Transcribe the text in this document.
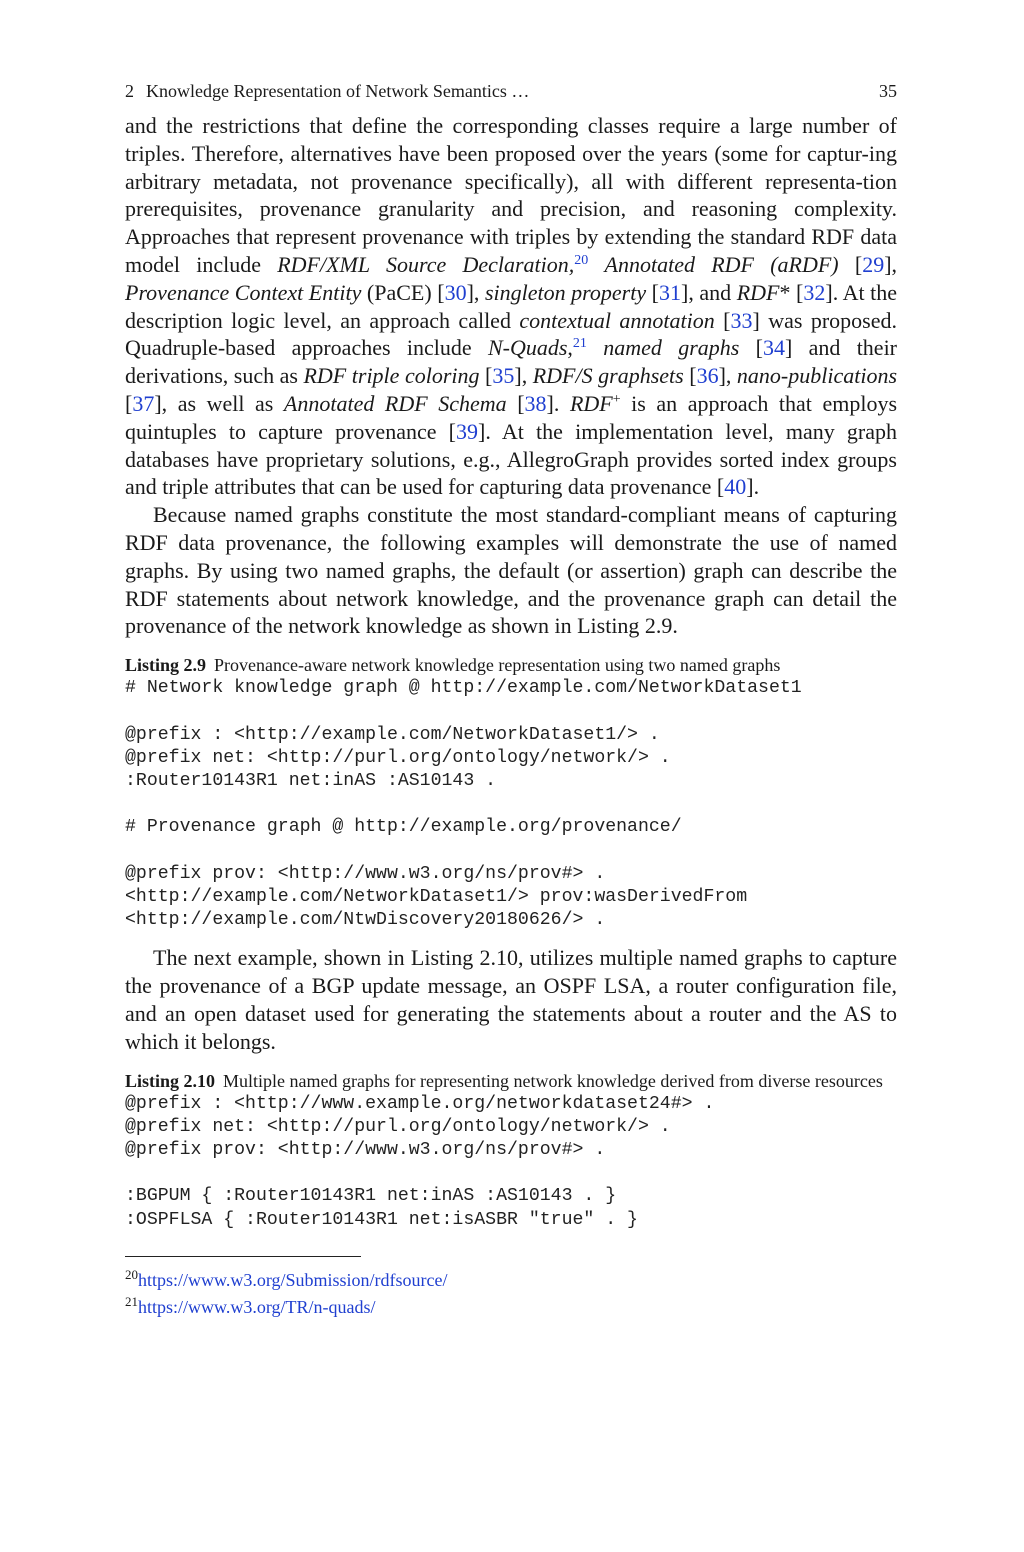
2 Knowledge Representation of Network Semantics …	35

and the restrictions that define the corresponding classes require a large number of triples. Therefore, alternatives have been proposed over the years (some for captur-ing arbitrary metadata, not provenance specifically), all with different representa-tion prerequisites, provenance granularity and precision, and reasoning complexity. Approaches that represent provenance with triples by extending the standard RDF data model include RDF/XML Source Declaration,$^{20}$ Annotated RDF (aRDF) [29], Provenance Context Entity (PaCE) [30], singleton property [31], and RDF* [32]. At the description logic level, an approach called contextual annotation [33] was proposed. Quadruple-based approaches include N-Quads,$^{21}$ named graphs [34] and their derivations, such as RDF triple coloring [35], RDF/S graphsets [36], nano-publications [37], as well as Annotated RDF Schema [38]. RDF+ is an approach that employs quintuples to capture provenance [39]. At the implementation level, many graph databases have proprietary solutions, e.g., AllegroGraph provides sorted index groups and triple attributes that can be used for capturing data provenance [40].

Because named graphs constitute the most standard-compliant means of capturing RDF data provenance, the following examples will demonstrate the use of named graphs. By using two named graphs, the default (or assertion) graph can describe the RDF statements about network knowledge, and the provenance graph can detail the provenance of the network knowledge as shown in Listing 2.9.

Listing 2.9 Provenance-aware network knowledge representation using two named graphs
# Network knowledge graph @ http://example.com/NetworkDataset1

@prefix : <http://example.com/NetworkDataset1/> .
@prefix net: <http://purl.org/ontology/network/> .
:Router10143R1 net:inAS :AS10143 .

# Provenance graph @ http://example.org/provenance/

@prefix prov: <http://www.w3.org/ns/prov#> .
<http://example.com/NetworkDataset1/> prov:wasDerivedFrom
<http://example.com/NtwDiscovery20180626/> .

The next example, shown in Listing 2.10, utilizes multiple named graphs to capture the provenance of a BGP update message, an OSPF LSA, a router configuration file, and an open dataset used for generating the statements about a router and the AS to which it belongs.

Listing 2.10 Multiple named graphs for representing network knowledge derived from diverse resources
@prefix : <http://www.example.org/networkdataset24#> .
@prefix net: <http://purl.org/ontology/network/> .
@prefix prov: <http://www.w3.org/ns/prov#> .

:BGPUM { :Router10143R1 net:inAS :AS10143 . }
:OSPFLSA { :Router10143R1 net:isASBR "true" . }
$^{20}$https://www.w3.org/Submission/rdfsource/
$^{21}$https://www.w3.org/TR/n-quads/
